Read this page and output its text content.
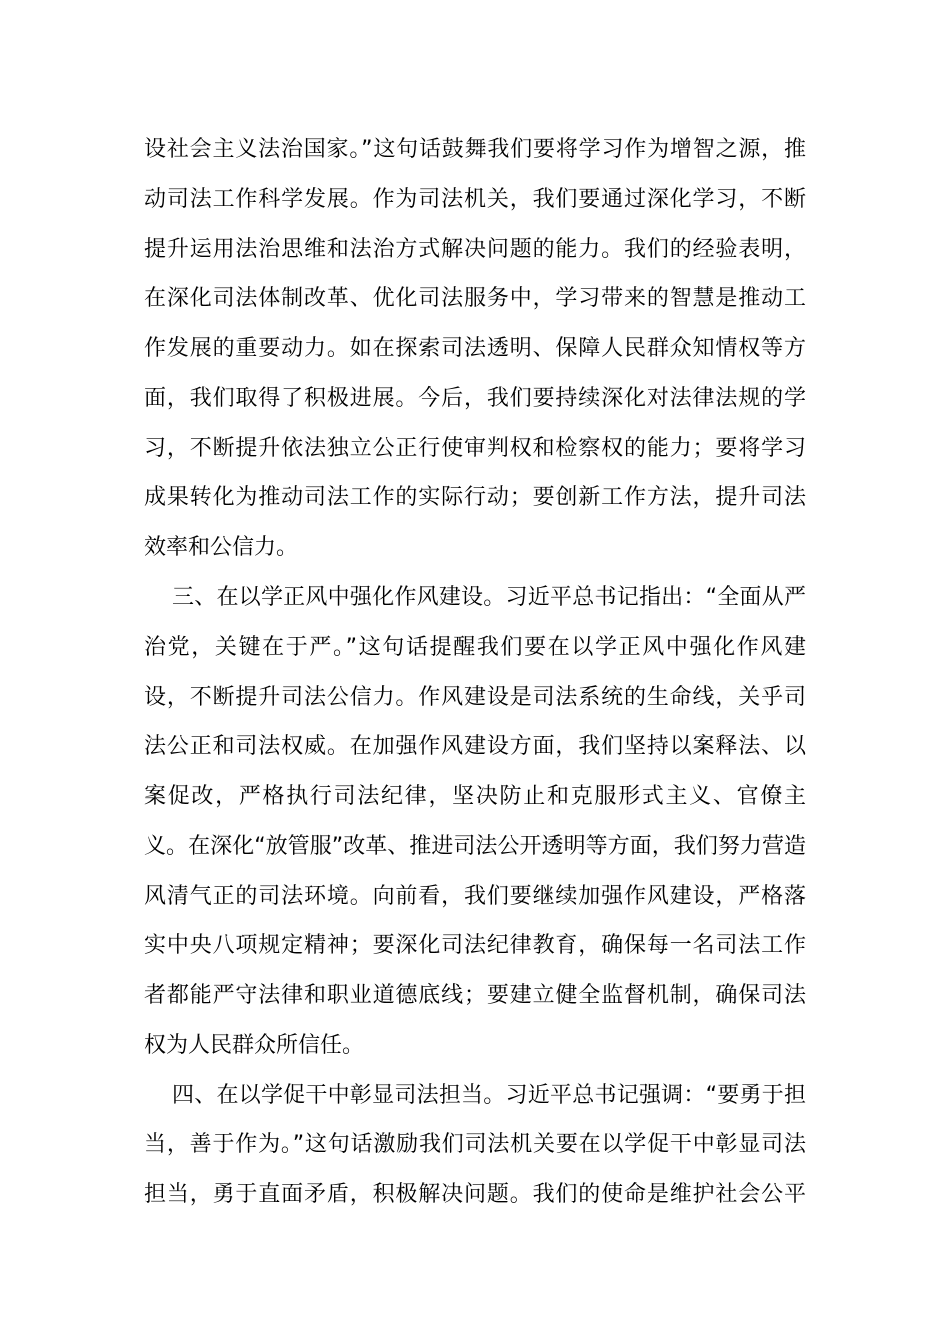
设社会主义法治国家。”这句话鼓舞我们要将学习作为增智之源，推
动司法工作科学发展。作为司法机关，我们要通过深化学习，不断
提升运用法治思维和法治方式解决问题的能力。我们的经验表明，
在深化司法体制改革、优化司法服务中，学习带来的智慧是推动工
作发展的重要动力。如在探索司法透明、保障人民群众知情权等方
面，我们取得了积极进展。今后，我们要持续深化对法律法规的学
习，不断提升依法独立公正行使审判权和检察权的能力；要将学习
成果转化为推动司法工作的实际行动；要创新工作方法，提升司法
效率和公信力。
三、在以学正风中强化作风建设。习近平总书记指出：“全面从严
治党，关键在于严。”这句话提醒我们要在以学正风中强化作风建
设，不断提升司法公信力。作风建设是司法系统的生命线，关乎司
法公正和司法权威。在加强作风建设方面，我们坚持以案释法、以
案促改，严格执行司法纪律，坚决防止和克服形式主义、官僚主
义。在深化“放管服”改革、推进司法公开透明等方面，我们努力营造
风清气正的司法环境。向前看，我们要继续加强作风建设，严格落
实中央八项规定精神；要深化司法纪律教育，确保每一名司法工作
者都能严守法律和职业道德底线；要建立健全监督机制，确保司法
权为人民群众所信任。
四、在以学促干中彰显司法担当。习近平总书记强调：“要勇于担
当，善于作为。”这句话激励我们司法机关要在以学促干中彰显司法
担当，勇于直面矛盾，积极解决问题。我们的使命是维护社会公平
